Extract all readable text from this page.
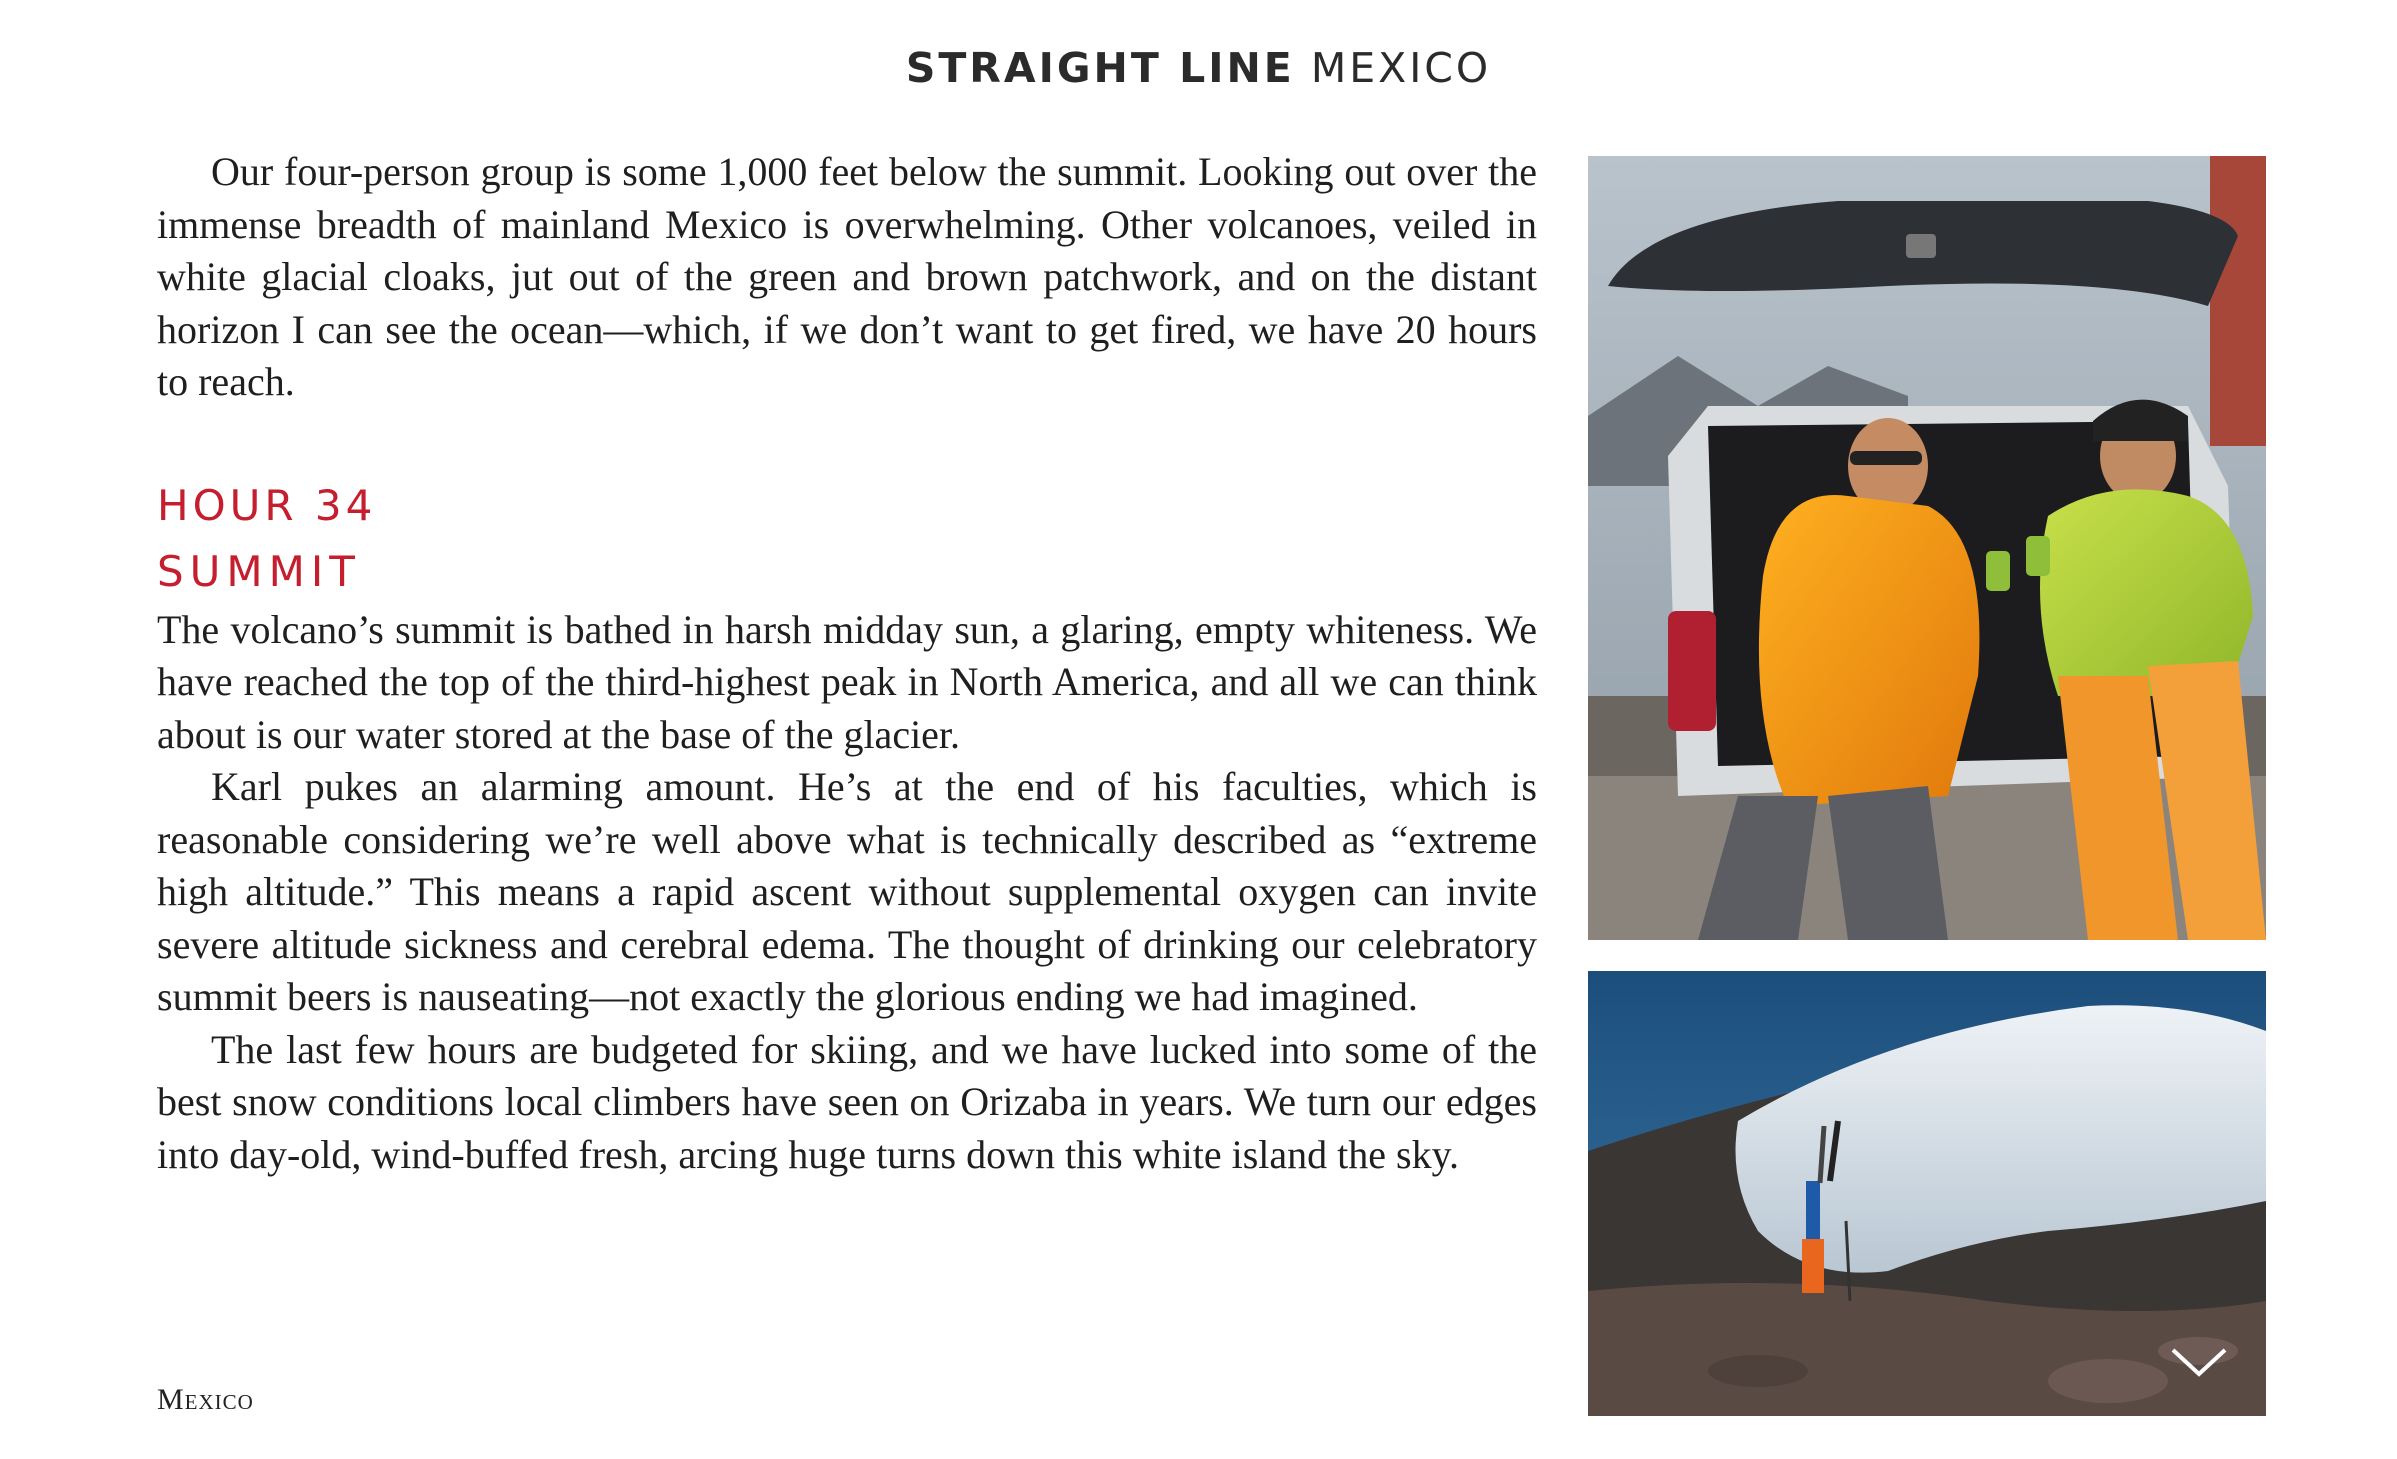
STRAIGHT LINE MEXICO

Our four-person group is some 1,000 feet below the summit. Looking out over the immense breadth of mainland Mexico is overwhelming. Other volcanoes, veiled in white glacial cloaks, jut out of the green and brown patchwork, and on the distant horizon I can see the ocean—which, if we don’t want to get fired, we have 20 hours to reach.

HOUR 34
SUMMIT

The volcano’s summit is bathed in harsh midday sun, a glaring, empty whiteness. We have reached the top of the third-highest peak in North America, and all we can think about is our water stored at the base of the glacier.

Karl pukes an alarming amount. He’s at the end of his faculties, which is reasonable considering we’re well above what is technically described as “extreme high altitude.” This means a rapid ascent without supplemental oxygen can invite severe altitude sickness and cerebral edema. The thought of drinking our celebratory summit beers is nauseating—not exactly the glorious ending we had imagined.

The last few hours are budgeted for skiing, and we have lucked into some of the best snow conditions local climbers have seen on Orizaba in years. We turn our edges into day-old, wind-buffed fresh, arcing huge turns down this white island the sky.

Mexico
